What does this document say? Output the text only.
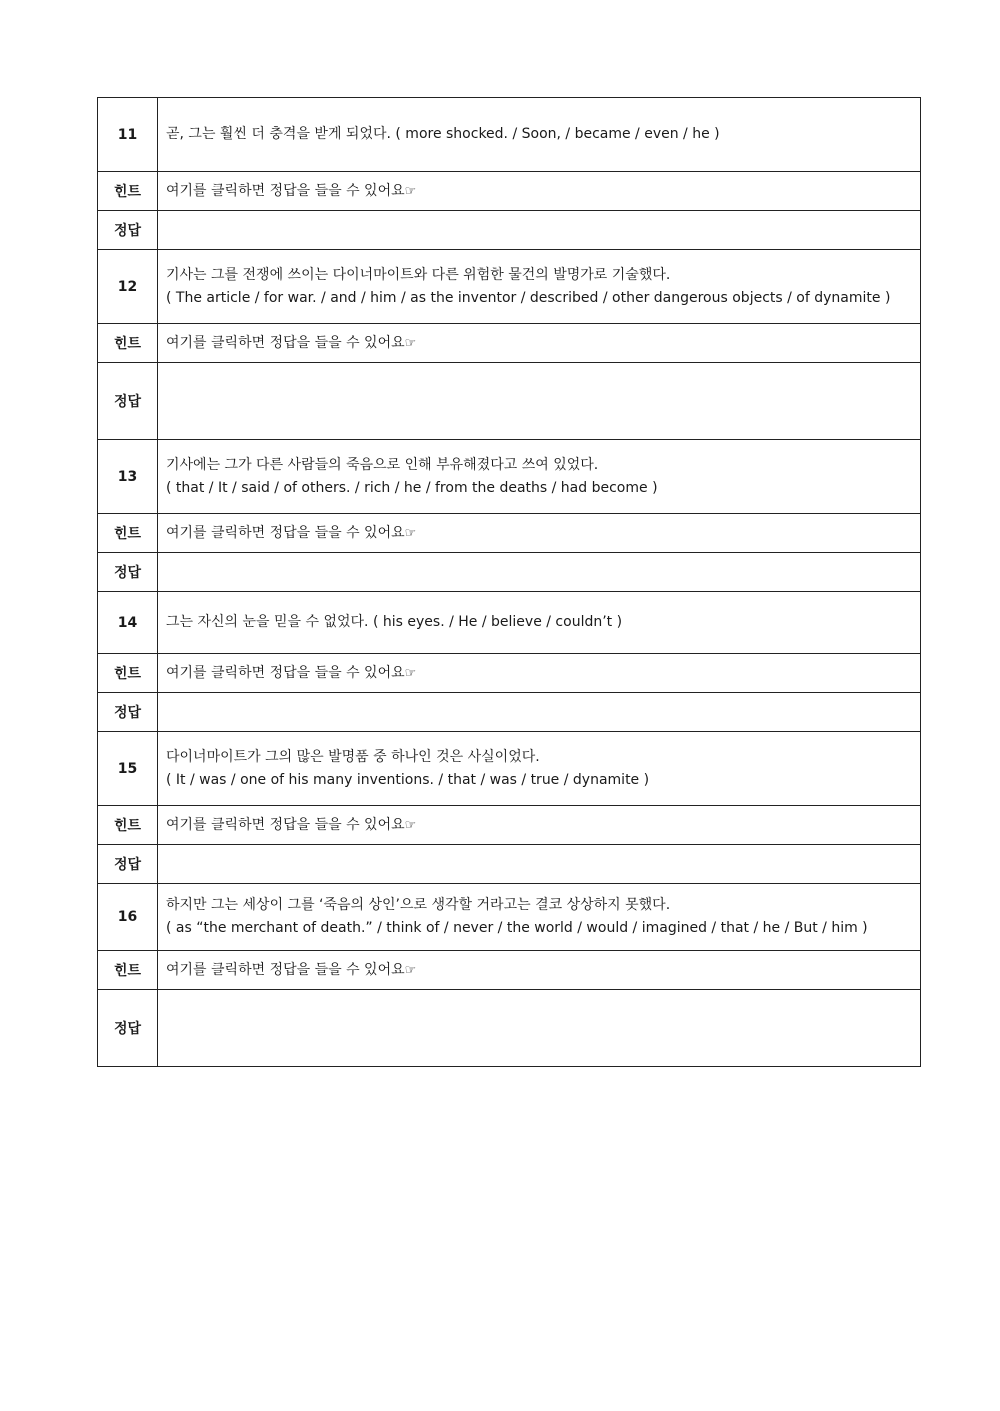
11	곧, 그는 훨씬 더 충격을 받게 되었다. ( more shocked. / Soon, / became / even / he )
힌트	여기를 클릭하면 정답을 들을 수 있어요☞
정답	
12	기사는 그를 전쟁에 쓰이는 다이너마이트와 다른 위험한 물건의 발명가로 기술했다.
( The article / for war. / and / him / as the inventor / described / other dangerous objects / of dynamite )

힌트	여기를 클릭하면 정답을 들을 수 있어요☞
정답	
13	기사에는 그가 다른 사람들의 죽음으로 인해 부유해졌다고 쓰여 있었다.
( that / It / said / of others. / rich / he / from the deaths / had become )

힌트	여기를 클릭하면 정답을 들을 수 있어요☞
정답	
14	그는 자신의 눈을 믿을 수 없었다. ( his eyes. / He / believe / couldn’t )
힌트	여기를 클릭하면 정답을 들을 수 있어요☞
정답	
15	다이너마이트가 그의 많은 발명품 중 하나인 것은 사실이었다.
( It / was / one of his many inventions. / that / was / true / dynamite )

힌트	여기를 클릭하면 정답을 들을 수 있어요☞
정답	
16	하지만 그는 세상이 그를 ‘죽음의 상인’으로 생각할 거라고는 결코 상상하지 못했다.
( as “the merchant of death.” / think of / never / the world / would / imagined / that / he / But / him )

힌트	여기를 클릭하면 정답을 들을 수 있어요☞
정답	
